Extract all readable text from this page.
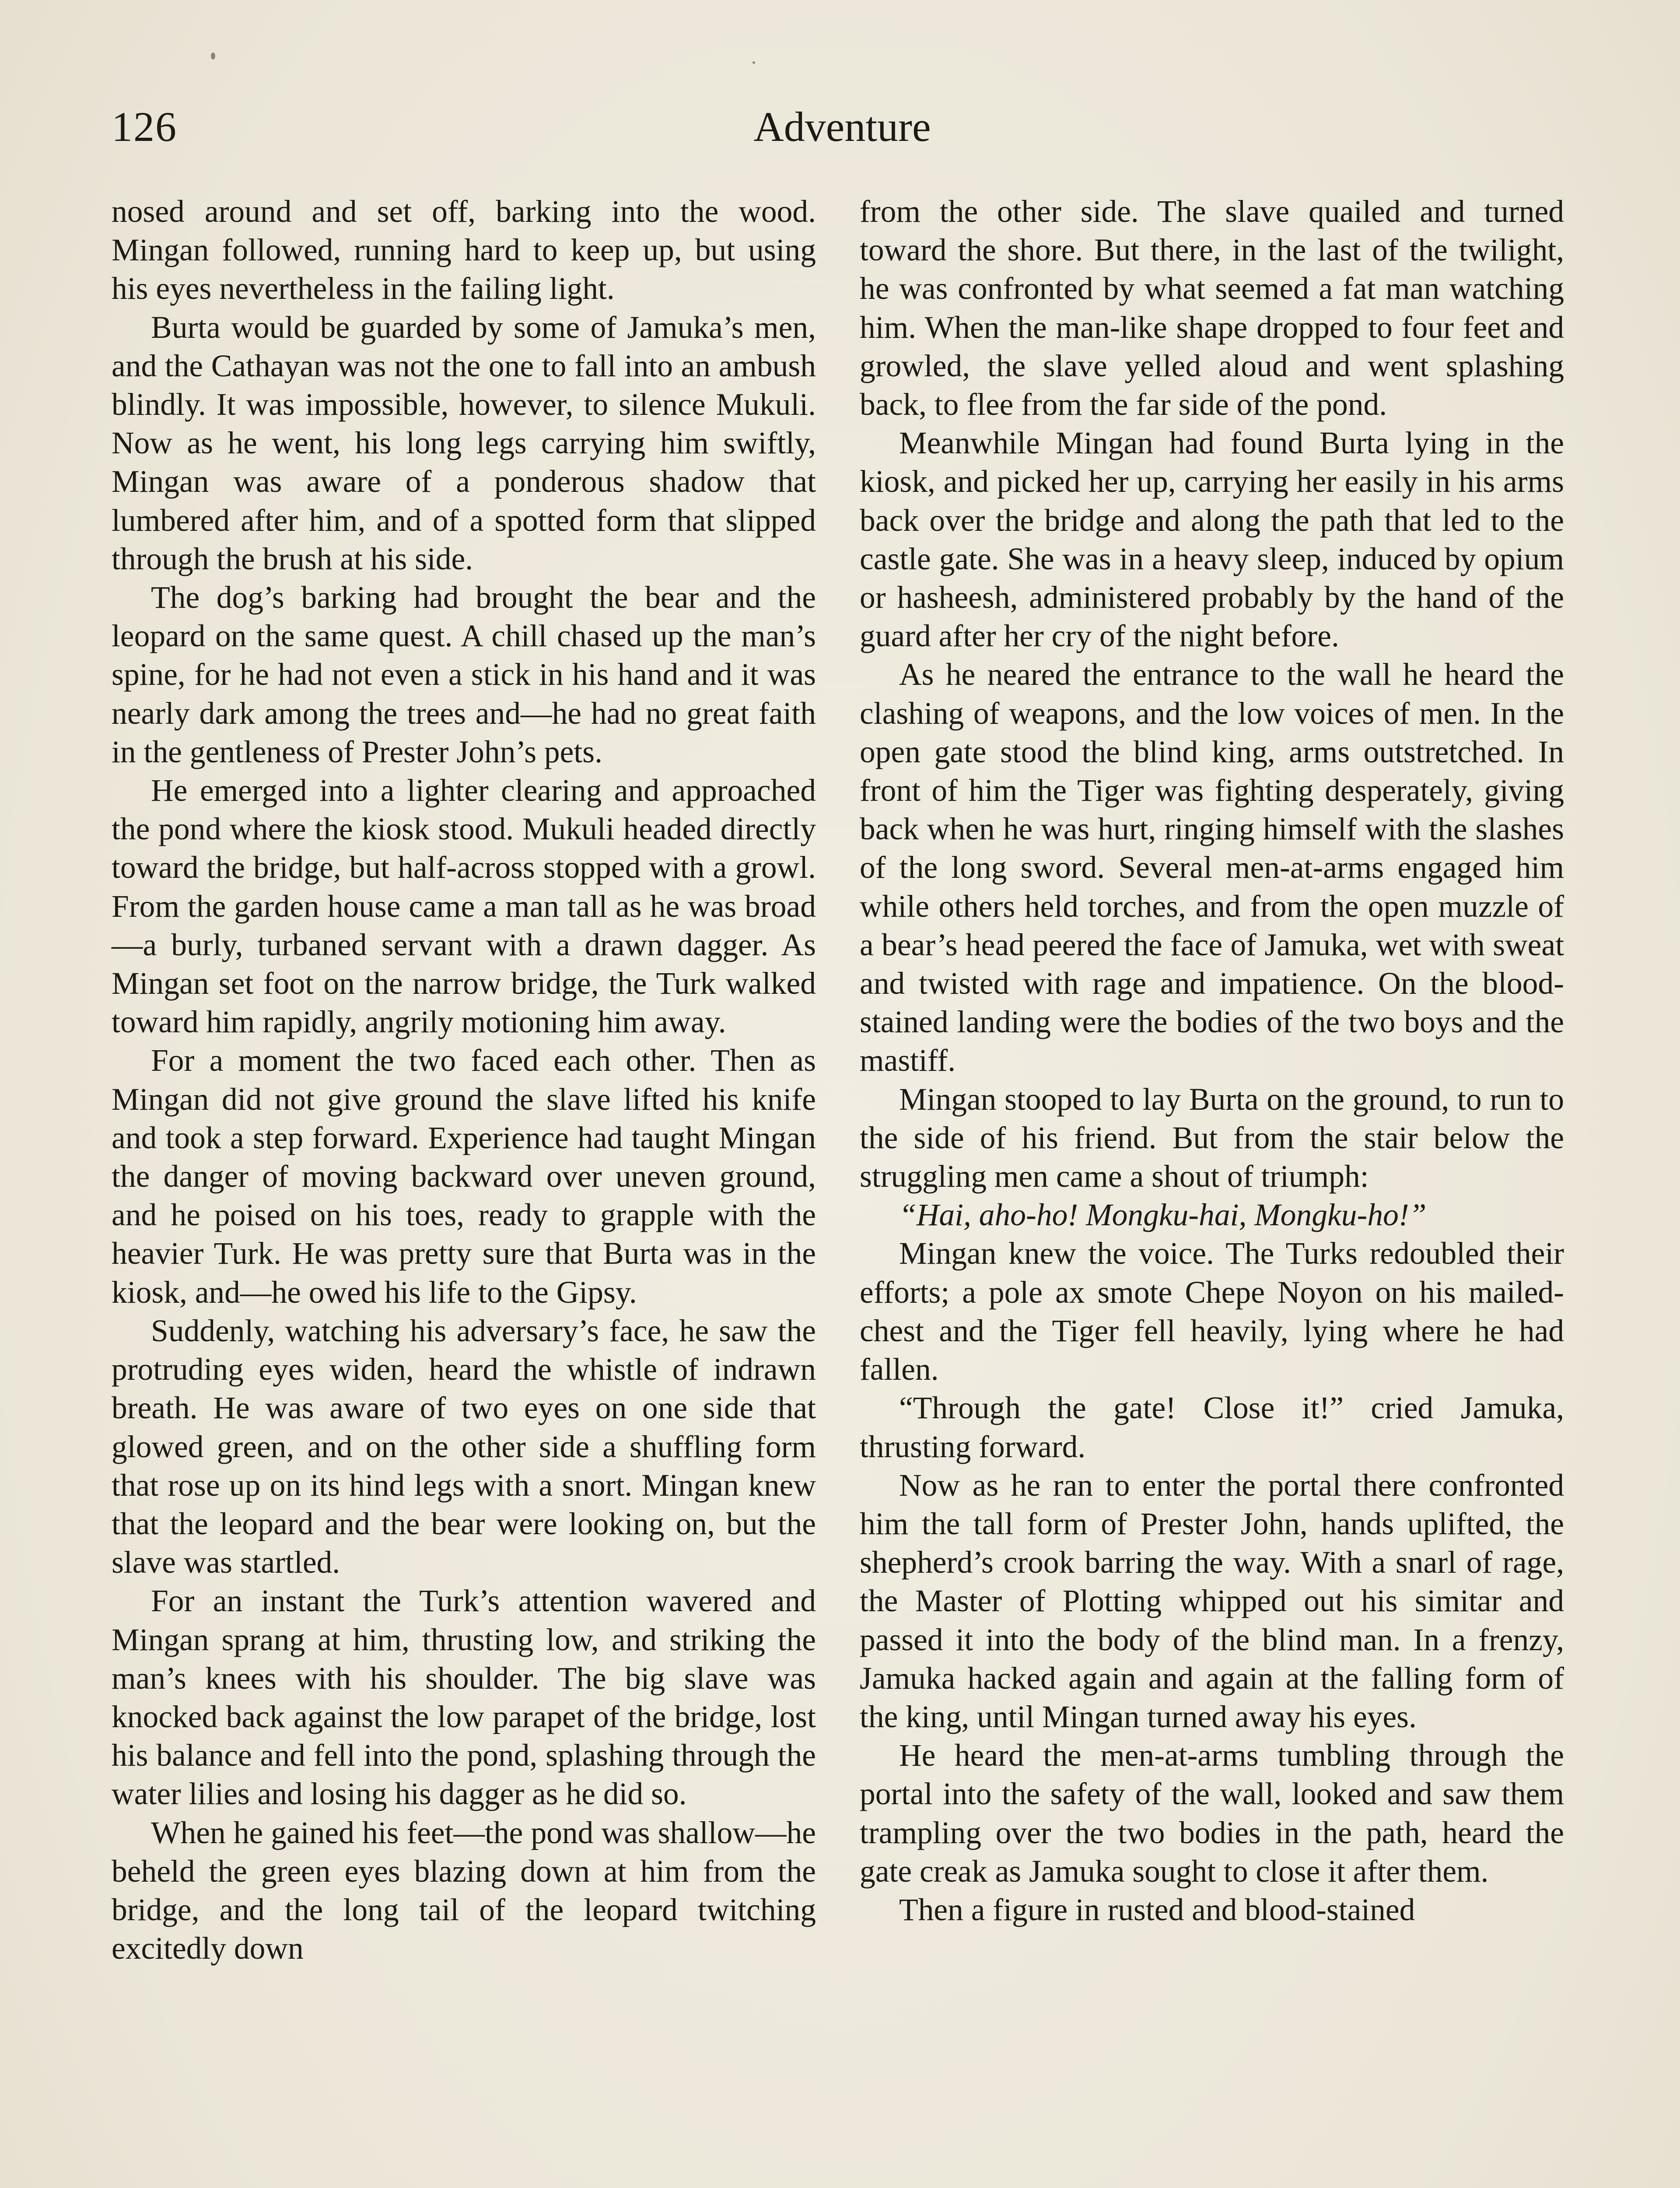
126	Adventure

nosed around and set off, barking into the wood. Mingan followed, running hard to keep up, but using his eyes nevertheless in the failing light.

Burta would be guarded by some of Jamuka’s men, and the Cathayan was not the one to fall into an ambush blindly. It was impossible, however, to silence Mukuli. Now as he went, his long legs carrying him swiftly, Mingan was aware of a ponderous shadow that lumbered after him, and of a spotted form that slipped through the brush at his side.

The dog’s barking had brought the bear and the leopard on the same quest. A chill chased up the man’s spine, for he had not even a stick in his hand and it was nearly dark among the trees and—he had no great faith in the gentleness of Prester John’s pets.

He emerged into a lighter clearing and approached the pond where the kiosk stood. Mukuli headed directly toward the bridge, but half-across stopped with a growl. From the garden house came a man tall as he was broad—a burly, turbaned servant with a drawn dagger. As Mingan set foot on the narrow bridge, the Turk walked toward him rapidly, angrily motioning him away.

For a moment the two faced each other. Then as Mingan did not give ground the slave lifted his knife and took a step forward. Experience had taught Mingan the danger of moving backward over uneven ground, and he poised on his toes, ready to grapple with the heavier Turk. He was pretty sure that Burta was in the kiosk, and—he owed his life to the Gipsy.

Suddenly, watching his adversary’s face, he saw the protruding eyes widen, heard the whistle of indrawn breath. He was aware of two eyes on one side that glowed green, and on the other side a shuffling form that rose up on its hind legs with a snort. Mingan knew that the leopard and the bear were looking on, but the slave was startled.

For an instant the Turk’s attention wavered and Mingan sprang at him, thrusting low, and striking the man’s knees with his shoulder. The big slave was knocked back against the low parapet of the bridge, lost his balance and fell into the pond, splashing through the water lilies and losing his dagger as he did so.

When he gained his feet—the pond was shallow—he beheld the green eyes blazing down at him from the bridge, and the long tail of the leopard twitching excitedly down

from the other side. The slave quailed and turned toward the shore. But there, in the last of the twilight, he was confronted by what seemed a fat man watching him. When the man-like shape dropped to four feet and growled, the slave yelled aloud and went splashing back, to flee from the far side of the pond.

Meanwhile Mingan had found Burta lying in the kiosk, and picked her up, carrying her easily in his arms back over the bridge and along the path that led to the castle gate. She was in a heavy sleep, induced by opium or hasheesh, administered probably by the hand of the guard after her cry of the night before.

As he neared the entrance to the wall he heard the clashing of weapons, and the low voices of men. In the open gate stood the blind king, arms outstretched. In front of him the Tiger was fighting desperately, giving back when he was hurt, ringing himself with the slashes of the long sword. Several men-at-arms engaged him while others held torches, and from the open muzzle of a bear’s head peered the face of Jamuka, wet with sweat and twisted with rage and impatience. On the blood-stained landing were the bodies of the two boys and the mastiff.

Mingan stooped to lay Burta on the ground, to run to the side of his friend. But from the stair below the struggling men came a shout of triumph:

“Hai, aho-ho! Mongku-hai, Mongku-ho!”

Mingan knew the voice. The Turks redoubled their efforts; a pole ax smote Chepe Noyon on his mailed-chest and the Tiger fell heavily, lying where he had fallen.

“Through the gate! Close it!” cried Jamuka, thrusting forward.

Now as he ran to enter the portal there confronted him the tall form of Prester John, hands uplifted, the shepherd’s crook barring the way. With a snarl of rage, the Master of Plotting whipped out his simitar and passed it into the body of the blind man. In a frenzy, Jamuka hacked again and again at the falling form of the king, until Mingan turned away his eyes.

He heard the men-at-arms tumbling through the portal into the safety of the wall, looked and saw them trampling over the two bodies in the path, heard the gate creak as Jamuka sought to close it after them.

Then a figure in rusted and blood-stained
